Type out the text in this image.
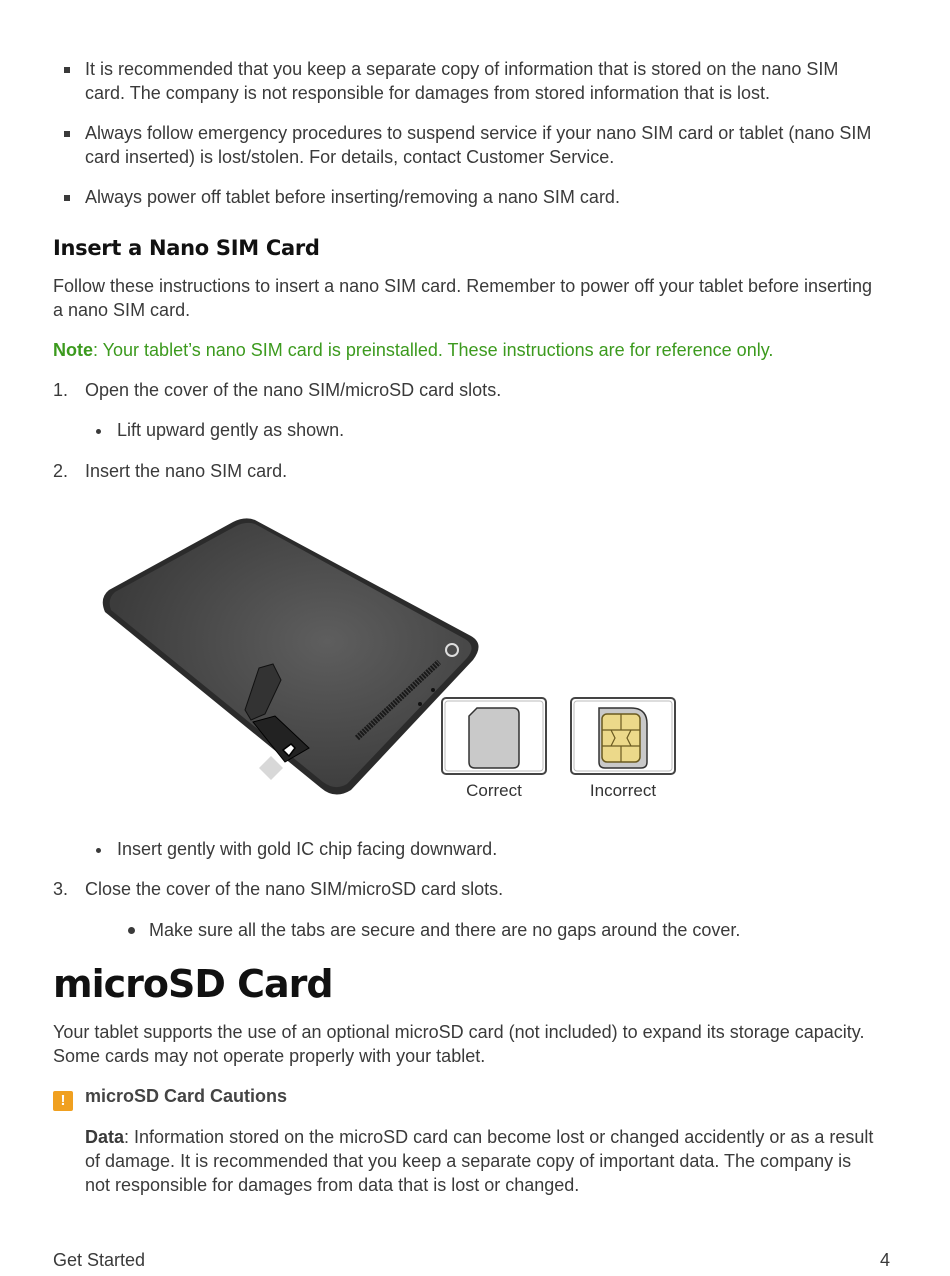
It is recommended that you keep a separate copy of information that is stored on the nano SIM card. The company is not responsible for damages from stored information that is lost.
Always follow emergency procedures to suspend service if your nano SIM card or tablet (nano SIM card inserted) is lost/stolen. For details, contact Customer Service.
Always power off tablet before inserting/removing a nano SIM card.
Insert a Nano SIM Card

Follow these instructions to insert a nano SIM card. Remember to power off your tablet before inserting a nano SIM card.

Note: Your tablet’s nano SIM card is preinstalled. These instructions are for reference only.

1. Open the cover of the nano SIM/microSD card slots.
Lift upward gently as shown.
2. Insert the nano SIM card.
Correct	Incorrect
Insert gently with gold IC chip facing downward.
3. Close the cover of the nano SIM/microSD card slots.
Make sure all the tabs are secure and there are no gaps around the cover.
microSD Card

Your tablet supports the use of an optional microSD card (not included) to expand its storage capacity. Some cards may not operate properly with your tablet.

! microSD Card Cautions

Data: Information stored on the microSD card can become lost or changed accidently or as a result of damage. It is recommended that you keep a separate copy of important data. The company is not responsible for damages from data that is lost or changed.

Get Started	4
